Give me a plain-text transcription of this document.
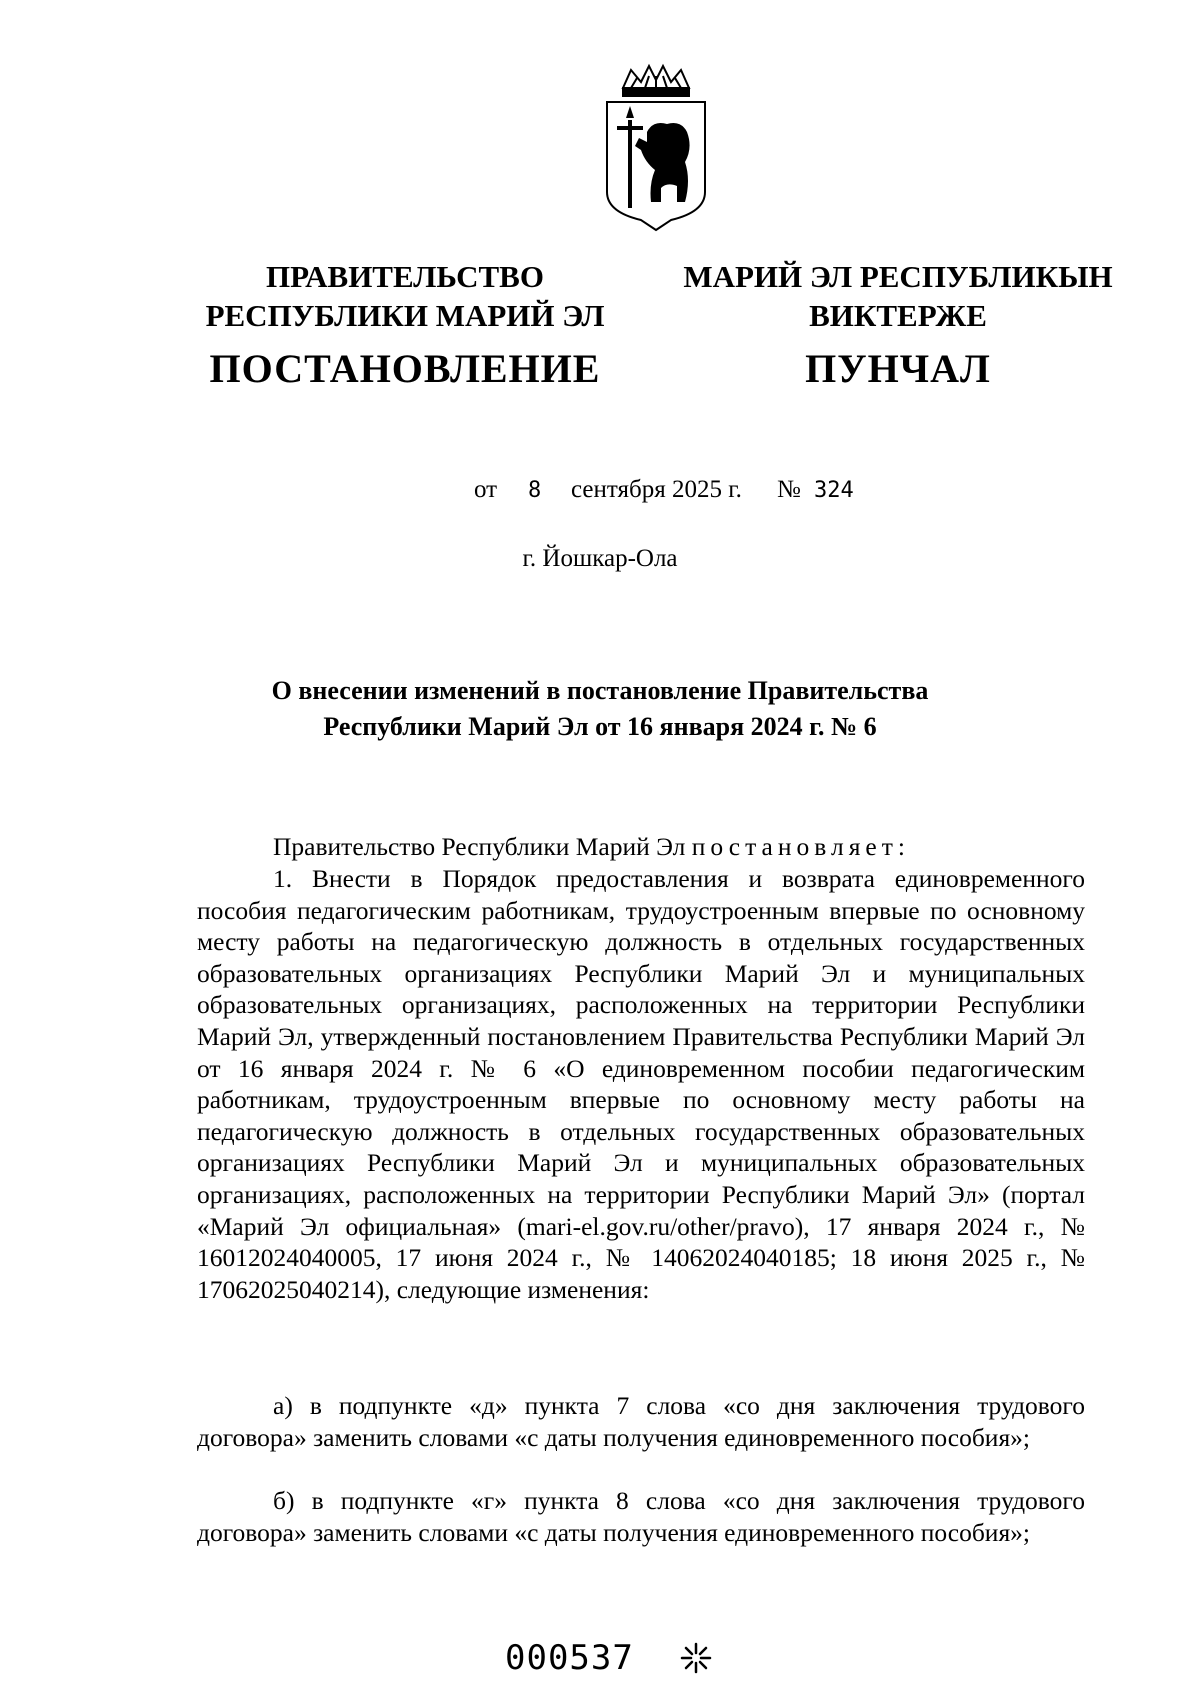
ПРАВИТЕЛЬСТВО
РЕСПУБЛИКИ МАРИЙ ЭЛ
МАРИЙ ЭЛ РЕСПУБЛИКЫН
ВИКТЕРЖЕ
ПОСТАНОВЛЕНИЕ	ПУНЧАЛ
от 8 сентября 2025 г. № 324
г. Йошкар-Ола
О внесении изменений в постановление Правительства
Республики Марий Эл от 16 января 2024 г. № 6
Правительство Республики Марий Эл постановляет:
1. Внести в Порядок предоставления и возврата единовременного пособия педагогическим работникам, трудоустроенным впервые по основному месту работы на педагогическую должность в отдельных государственных образовательных организациях Республики Марий Эл и муниципальных образовательных организациях, расположенных на территории Республики Марий Эл, утвержденный постановлением Правительства Республики Марий Эл от 16 января 2024 г. № 6 «О единовременном пособии педагогическим работникам, трудоустроенным впервые по основному месту работы на педагогическую должность в отдельных государственных образовательных организациях Республики Марий Эл и муниципальных образовательных организациях, расположенных на территории Республики Марий Эл» (портал «Марий Эл официальная» (mari-el.gov.ru/other/pravo), 17 января 2024 г., № 16012024040005, 17 июня 2024 г., № 14062024040185; 18 июня 2025 г., № 17062025040214), следующие изменения:
а) в подпункте «д» пункта 7 слова «со дня заключения трудового договора» заменить словами «с даты получения единовременного пособия»;
б) в подпункте «г» пункта 8 слова «со дня заключения трудового договора» заменить словами «с даты получения единовременного пособия»;
000537
